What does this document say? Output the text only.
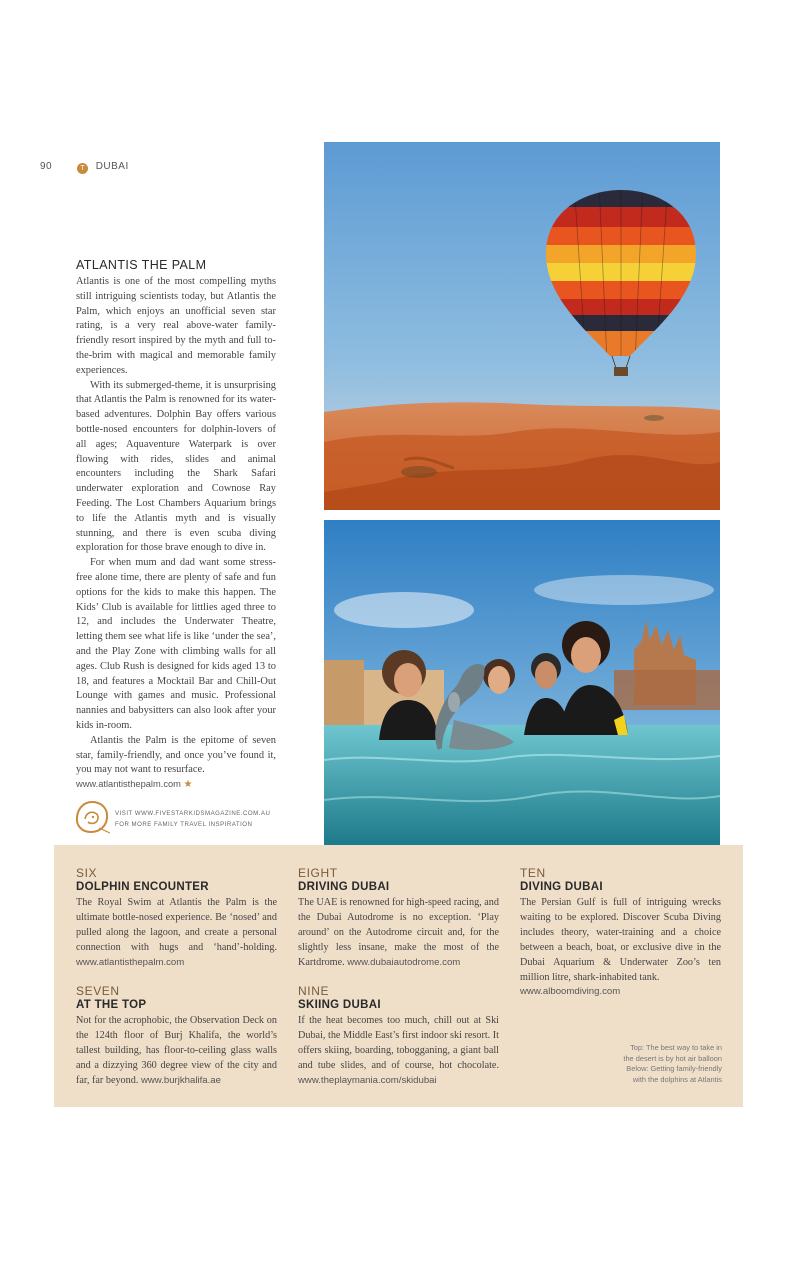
90	T DUBAI
ATLANTIS THE PALM

Atlantis is one of the most compelling myths still intriguing scientists today, but Atlantis the Palm, which enjoys an unofficial seven star rating, is a very real above-water family-friendly resort inspired by the myth and full to-the-brim with magical and memorable family experiences.

With its submerged-theme, it is unsurprising that Atlantis the Palm is renowned for its water-based adventures. Dolphin Bay offers various bottle-nosed encounters for dolphin-lovers of all ages; Aquaventure Waterpark is over flowing with rides, slides and animal encounters including the Shark Safari underwater exploration and Cownose Ray Feeding. The Lost Chambers Aquarium brings to life the Atlantis myth and is visually stunning, and there is even scuba diving exploration for those brave enough to dive in.

For when mum and dad want some stress-free alone time, there are plenty of safe and fun options for the kids to make this happen. The Kids’ Club is available for littlies aged three to 12, and includes the Underwater Theatre, letting them see what life is like ‘under the sea’, and the Play Zone with climbing walls for all ages. Club Rush is designed for kids aged 13 to 18, and features a Mocktail Bar and Chill-Out Lounge with games and music. Professional nannies and babysitters can also look after your kids in-room.

Atlantis the Palm is the epitome of seven star, family-friendly, and once you’ve found it, you may not want to resurface.

www.atlantisthepalm.com ★
VISIT WWW.FIVESTARKIDSMAGAZINE.COM.AU
FOR MORE FAMILY TRAVEL INSPIRATION
SIX
DOLPHIN ENCOUNTER

The Royal Swim at Atlantis the Palm is the ultimate bottle-nosed experience. Be ‘nosed’ and pulled along the lagoon, and create a personal connection with hugs and ‘hand’-holding. www.atlantisthepalm.com

SEVEN
AT THE TOP

Not for the acrophobic, the Observation Deck on the 124th floor of Burj Khalifa, the world’s tallest building, has floor-to-ceiling glass walls and a dizzying 360 degree view of the city and far, far beyond. www.burjkhalifa.ae

EIGHT
DRIVING DUBAI

The UAE is renowned for high-speed racing, and the Dubai Autodrome is no exception. ‘Play around’ on the Autodrome circuit and, for the slightly less insane, make the most of the Kartdrome. www.dubaiautodrome.com

NINE
SKIING DUBAI

If the heat becomes too much, chill out at Ski Dubai, the Middle East’s first indoor ski resort. It offers skiing, boarding, tobogganing, a giant ball and tube slides, and of course, hot chocolate. www.theplaymania.com/skidubai

TEN
DIVING DUBAI

The Persian Gulf is full of intriguing wrecks waiting to be explored. Discover Scuba Diving includes theory, water-training and a choice between a beach, boat, or exclusive dive in the Dubai Aquarium & Underwater Zoo’s ten million litre, shark-inhabited tank.

www.alboomdiving.com
Top: The best way to take in
the desert is by hot air balloon
Below: Getting family-friendly
with the dolphins at Atlantis
